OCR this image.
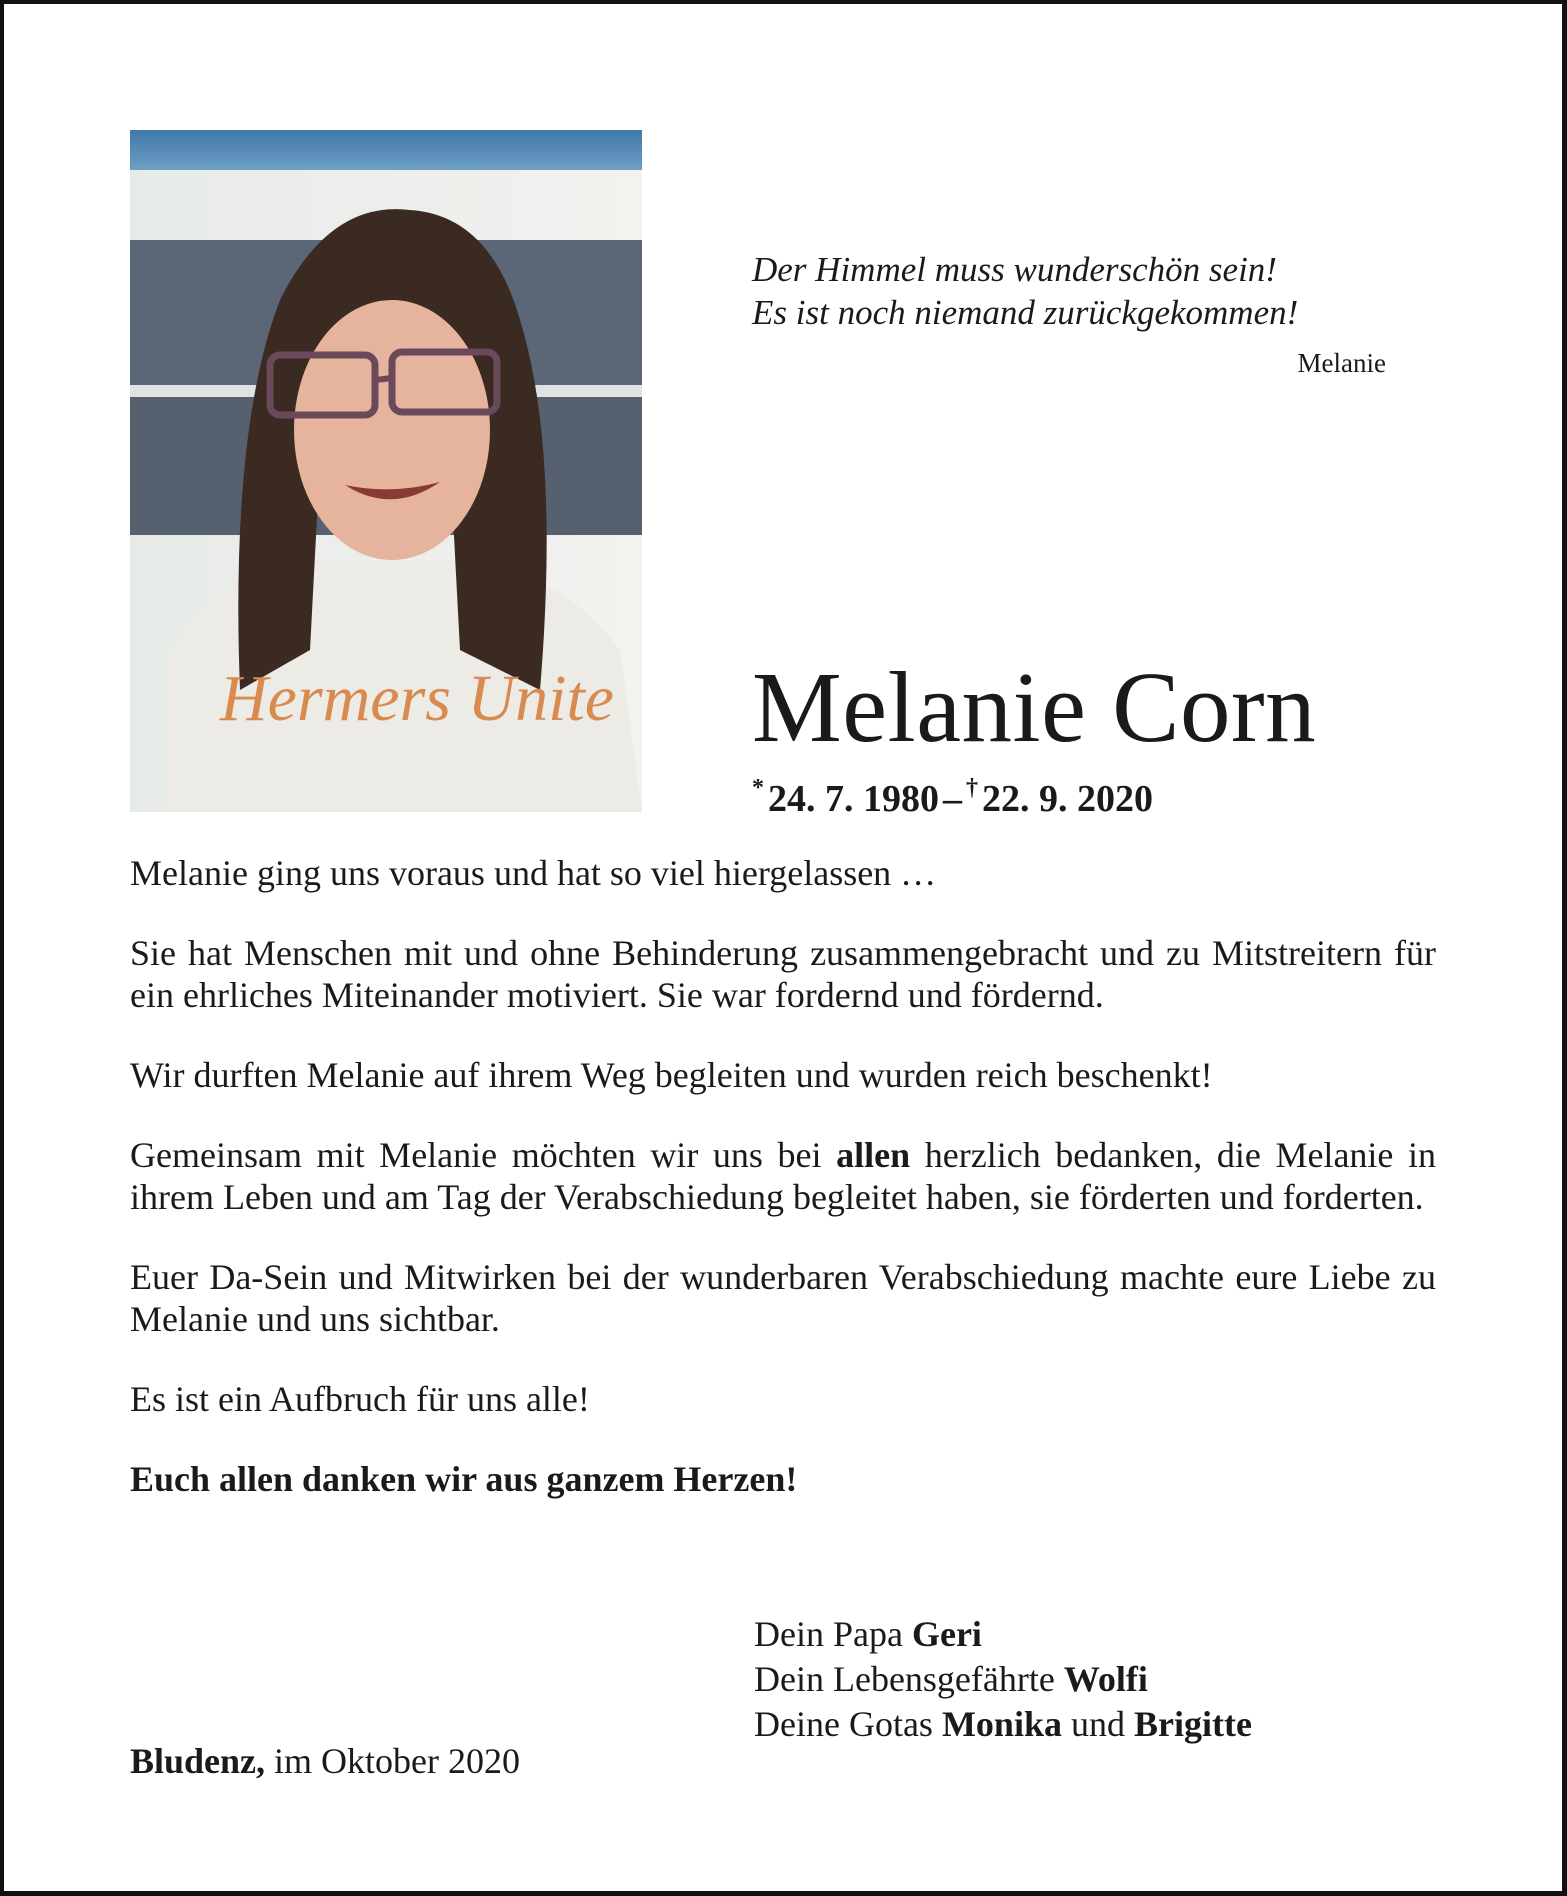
Hermers Unite
Der Himmel muss wunderschön sein!
Es ist noch niemand zurückgekommen!
Melanie
Melanie Corn
* 24. 7. 1980 – † 22. 9. 2020

Melanie ging uns voraus und hat so viel hiergelassen …

Sie hat Menschen mit und ohne Behinderung zusammengebracht und zu Mitstreitern für ein ehrliches Miteinander motiviert. Sie war fordernd und fördernd.

Wir durften Melanie auf ihrem Weg begleiten und wurden reich beschenkt!

Gemeinsam mit Melanie möchten wir uns bei allen herzlich bedanken, die Melanie in ihrem Leben und am Tag der Verabschiedung begleitet haben, sie förderten und forderten.

Euer Da-Sein und Mitwirken bei der wunderbaren Verabschiedung machte eure Liebe zu Melanie und uns sichtbar.

Es ist ein Aufbruch für uns alle!

Euch allen danken wir aus ganzem Herzen!

Dein Papa Geri
Dein Lebensgefährte Wolfi
Deine Gotas Monika und Brigitte
Bludenz, im Oktober 2020
